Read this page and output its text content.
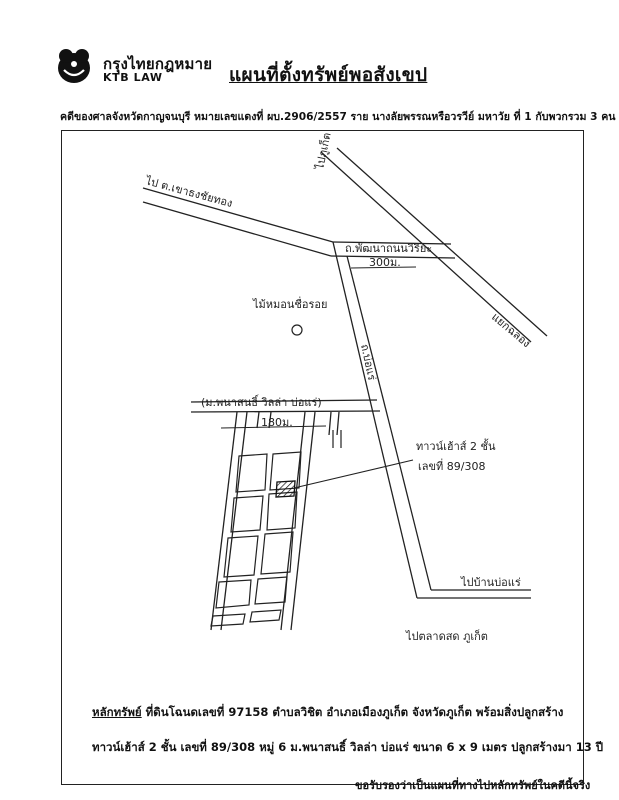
กรุงไทยกฎหมาย
KTB LAW	แผนที่ตั้งทรัพย์พอสังเขป
คดีของศาลจังหวัดกาญจนบุรี หมายเลขแดงที่ ผบ.2906/2557 ราย นางลัยพรรณหรือวรวีย์ มหาวัย ที่ 1 กับพวกรวม 3 คน
ไป ต.เขาธงชัยทอง
ไปภูเก็ต
ถ.พัฒนาถนนวิริยะ
แยกฉลอง
300ม.
ไม้หมอนชื่อรอย
ถ.บ่อแร่
(ม.พนาสนธิ์ วิลล่า บ่อแร่)
180ม.
ทาวน์เฮ้าส์ 2 ชั้น
เลขที่ 89/308
ไปบ้านบ่อแร่
ไปตลาดสด ภูเก็ต
หลักทรัพย์ ที่ดินโฉนดเลขที่ 97158 ตำบลวิชิต อำเภอเมืองภูเก็ต จังหวัดภูเก็ต พร้อมสิ่งปลูกสร้าง
ทาวน์เฮ้าส์ 2 ชั้น เลขที่ 89/308 หมู่ 6 ม.พนาสนธิ์ วิลล่า บ่อแร่ ขนาด 6 x 9 เมตร ปลูกสร้างมา 13 ปี
ขอรับรองว่าเป็นแผนที่ทางไปหลักทรัพย์ในคดีนี้จริง
